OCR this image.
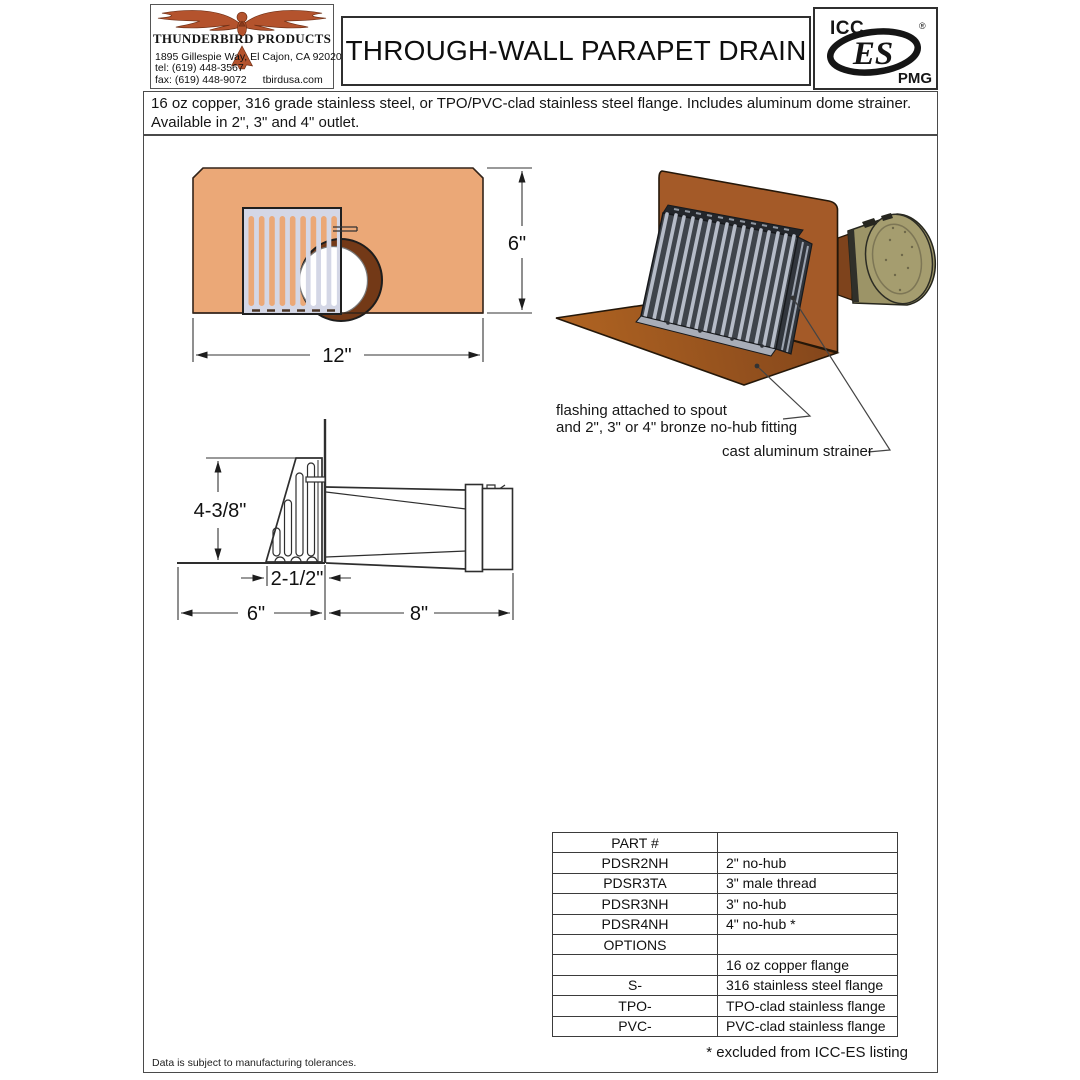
THUNDERBIRD PRODUCTS
1895 Gillespie Way, El Cajon, CA 92020
tel: (619) 448-3567
fax: (619) 448-9072 tbirdusa.com
THROUGH-WALL PARAPET DRAIN
ICC
ES
®
PMG
16 oz copper, 316 grade stainless steel, or TPO/PVC-clad stainless steel flange. Includes aluminum dome strainer.
Available in 2", 3" and 4" outlet.
6"
12"
4-3/8"
2-1/2"
6"	8"
flashing attached to spout
and 2", 3" or 4" bronze no-hub fitting
cast aluminum strainer
PART #	
PDSR2NH	2" no-hub
PDSR3TA	3" male thread
PDSR3NH	3" no-hub
PDSR4NH	4" no-hub *
OPTIONS	
	16 oz copper flange
S-	316 stainless steel flange
TPO-	TPO-clad stainless flange
PVC-	PVC-clad stainless flange
* excluded from ICC-ES listing
Data is subject to manufacturing tolerances.
